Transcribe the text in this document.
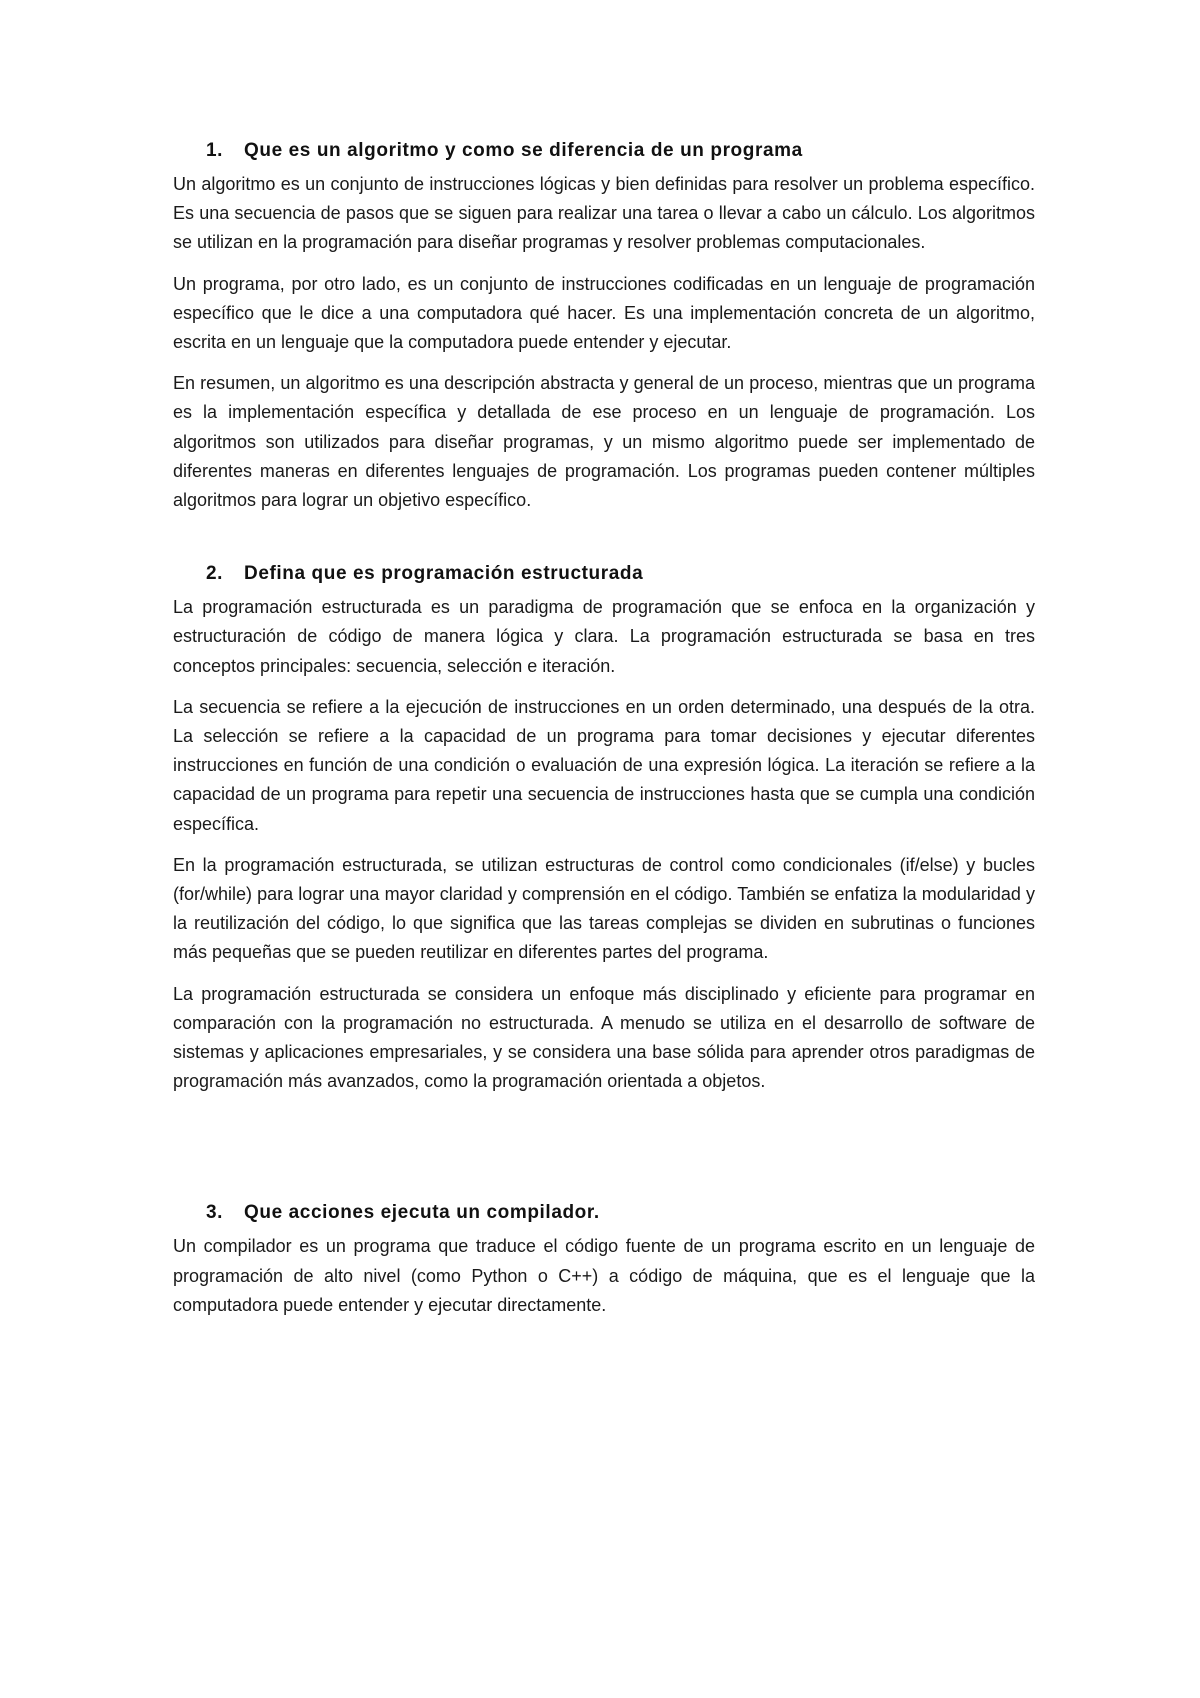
1.	Que es un algoritmo y como se diferencia de un programa

Un algoritmo es un conjunto de instrucciones lógicas y bien definidas para resolver un problema específico. Es una secuencia de pasos que se siguen para realizar una tarea o llevar a cabo un cálculo. Los algoritmos se utilizan en la programación para diseñar programas y resolver problemas computacionales.

Un programa, por otro lado, es un conjunto de instrucciones codificadas en un lenguaje de programación específico que le dice a una computadora qué hacer. Es una implementación concreta de un algoritmo, escrita en un lenguaje que la computadora puede entender y ejecutar.

En resumen, un algoritmo es una descripción abstracta y general de un proceso, mientras que un programa es la implementación específica y detallada de ese proceso en un lenguaje de programación. Los algoritmos son utilizados para diseñar programas, y un mismo algoritmo puede ser implementado de diferentes maneras en diferentes lenguajes de programación. Los programas pueden contener múltiples algoritmos para lograr un objetivo específico.

2.	Defina que es programación estructurada

La programación estructurada es un paradigma de programación que se enfoca en la organización y estructuración de código de manera lógica y clara. La programación estructurada se basa en tres conceptos principales: secuencia, selección e iteración.

La secuencia se refiere a la ejecución de instrucciones en un orden determinado, una después de la otra. La selección se refiere a la capacidad de un programa para tomar decisiones y ejecutar diferentes instrucciones en función de una condición o evaluación de una expresión lógica. La iteración se refiere a la capacidad de un programa para repetir una secuencia de instrucciones hasta que se cumpla una condición específica.

En la programación estructurada, se utilizan estructuras de control como condicionales (if/else) y bucles (for/while) para lograr una mayor claridad y comprensión en el código. También se enfatiza la modularidad y la reutilización del código, lo que significa que las tareas complejas se dividen en subrutinas o funciones más pequeñas que se pueden reutilizar en diferentes partes del programa.

La programación estructurada se considera un enfoque más disciplinado y eficiente para programar en comparación con la programación no estructurada. A menudo se utiliza en el desarrollo de software de sistemas y aplicaciones empresariales, y se considera una base sólida para aprender otros paradigmas de programación más avanzados, como la programación orientada a objetos.

3.	Que acciones ejecuta un compilador.

Un compilador es un programa que traduce el código fuente de un programa escrito en un lenguaje de programación de alto nivel (como Python o C++) a código de máquina, que es el lenguaje que la computadora puede entender y ejecutar directamente.
